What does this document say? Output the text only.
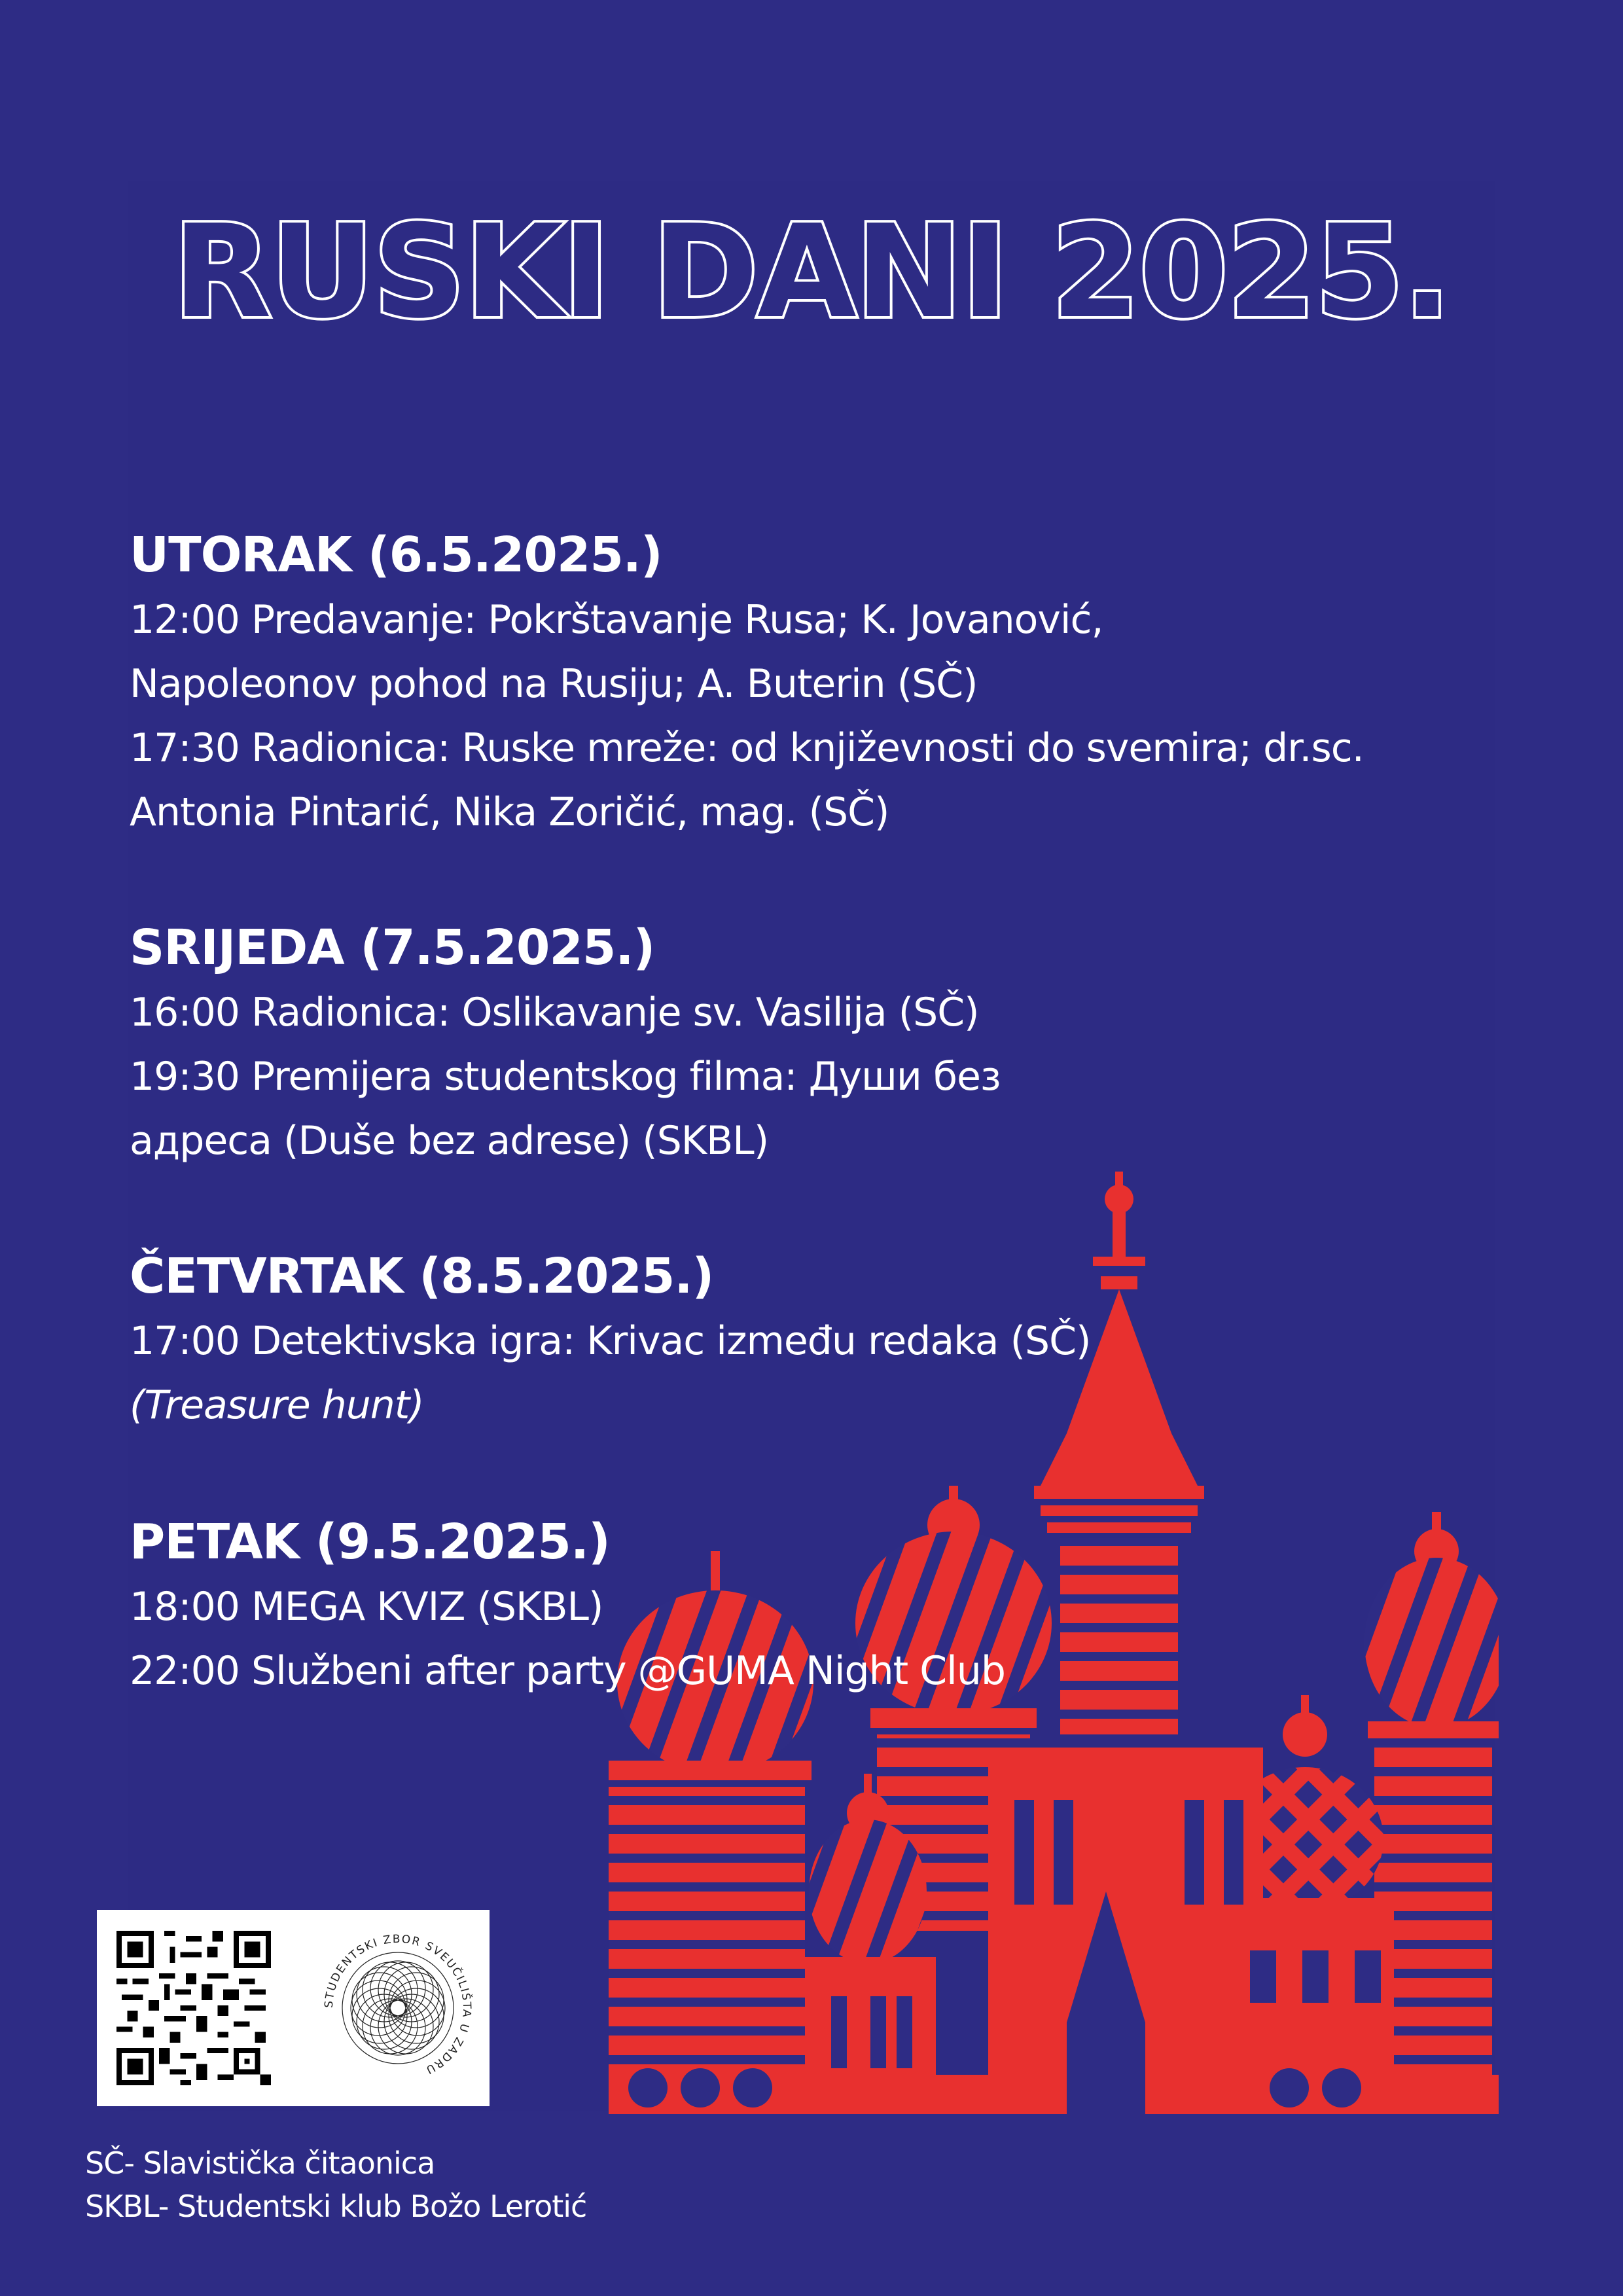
RUSKI DANI 2025.
UTORAK (6.5.2025.)
12:00 Predavanje: Pokrštavanje Rusa; K. Jovanović,
Napoleonov pohod na Rusiju; A. Buterin (SČ)
17:30 Radionica: Ruske mreže: od književnosti do svemira; dr.sc.
Antonia Pintarić, Nika Zoričić, mag. (SČ)
SRIJEDA (7.5.2025.)
16:00 Radionica: Oslikavanje sv. Vasilija (SČ)
19:30 Premijera studentskog filma: Души без
адреса (Duše bez adrese) (SKBL)
ČETVRTAK (8.5.2025.)
17:00 Detektivska igra: Krivac između redaka (SČ)
(Treasure hunt)
PETAK (9.5.2025.)
18:00 MEGA KVIZ (SKBL)
22:00 Službeni after party @GUMA Night Club
STUDENTSKI ZBOR SVEUČILIŠTA U ZADRU
SČ- Slavistička čitaonica
SKBL- Studentski klub Božo Lerotić
